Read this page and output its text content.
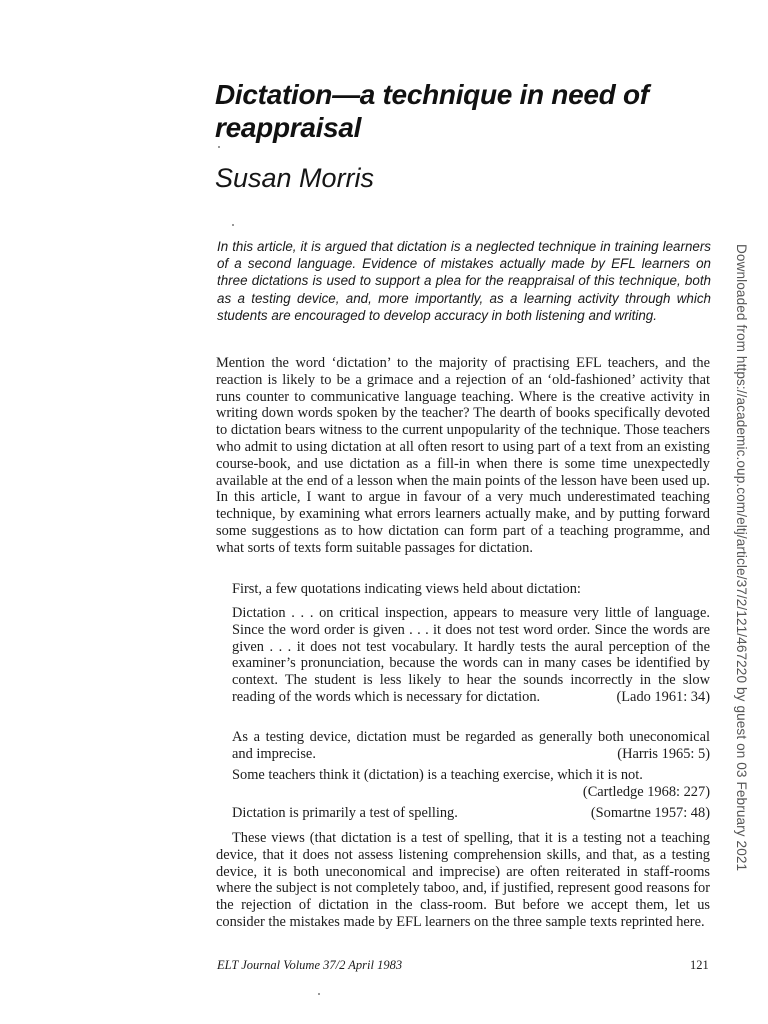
Dictation—a technique in need of reappraisal
Susan Morris

In this article, it is argued that dictation is a neglected technique in training learners of a second language. Evidence of mistakes actually made by EFL learners on three dictations is used to support a plea for the reappraisal of this technique, both as a testing device, and, more importantly, as a learning activity through which students are encouraged to develop accuracy in both listening and writing.

Mention the word ‘dictation’ to the majority of practising EFL teachers, and the reaction is likely to be a grimace and a rejection of an ‘old-fashioned’ activity that runs counter to communicative language teaching. Where is the creative activity in writing down words spoken by the teacher? The dearth of books specifically devoted to dictation bears witness to the current unpopularity of the technique. Those teachers who admit to using dictation at all often resort to using part of a text from an existing course-book, and use dictation as a fill-in when there is some time unexpectedly available at the end of a lesson when the main points of the lesson have been used up. In this article, I want to argue in favour of a very much underestimated teaching technique, by examining what errors learners actually make, and by putting forward some suggestions as to how dictation can form part of a teaching programme, and what sorts of texts form suitable passages for dictation.

First, a few quotations indicating views held about dictation:

Dictation . . . on critical inspection, appears to measure very little of language. Since the word order is given . . . it does not test word order. Since the words are given . . . it does not test vocabulary. It hardly tests the aural perception of the examiner’s pronunciation, because the words can in many cases be identified by context. The student is less likely to hear the sounds incorrectly in the slow reading of the words which is necessary for dictation.	(Lado 1961: 34)
As a testing device, dictation must be regarded as generally both uneconomical and imprecise.	(Harris 1965: 5)
Some teachers think it (dictation) is a teaching exercise, which it is not.
(Cartledge 1968: 227)
Dictation is primarily a test of spelling.	(Somartne 1957: 48)

These views (that dictation is a test of spelling, that it is a testing not a teaching device, that it does not assess listening comprehension skills, and that, as a testing device, it is both uneconomical and imprecise) are often reiterated in staff-rooms where the subject is not completely taboo, and, if justified, represent good reasons for the rejection of dictation in the class-room. But before we accept them, let us consider the mistakes made by EFL learners on the three sample texts reprinted here.

ELT Journal Volume 37/2 April 1983	121

Downloaded from https://academic.oup.com/eltj/article/37/2/121/467220 by guest on 03 February 2021
